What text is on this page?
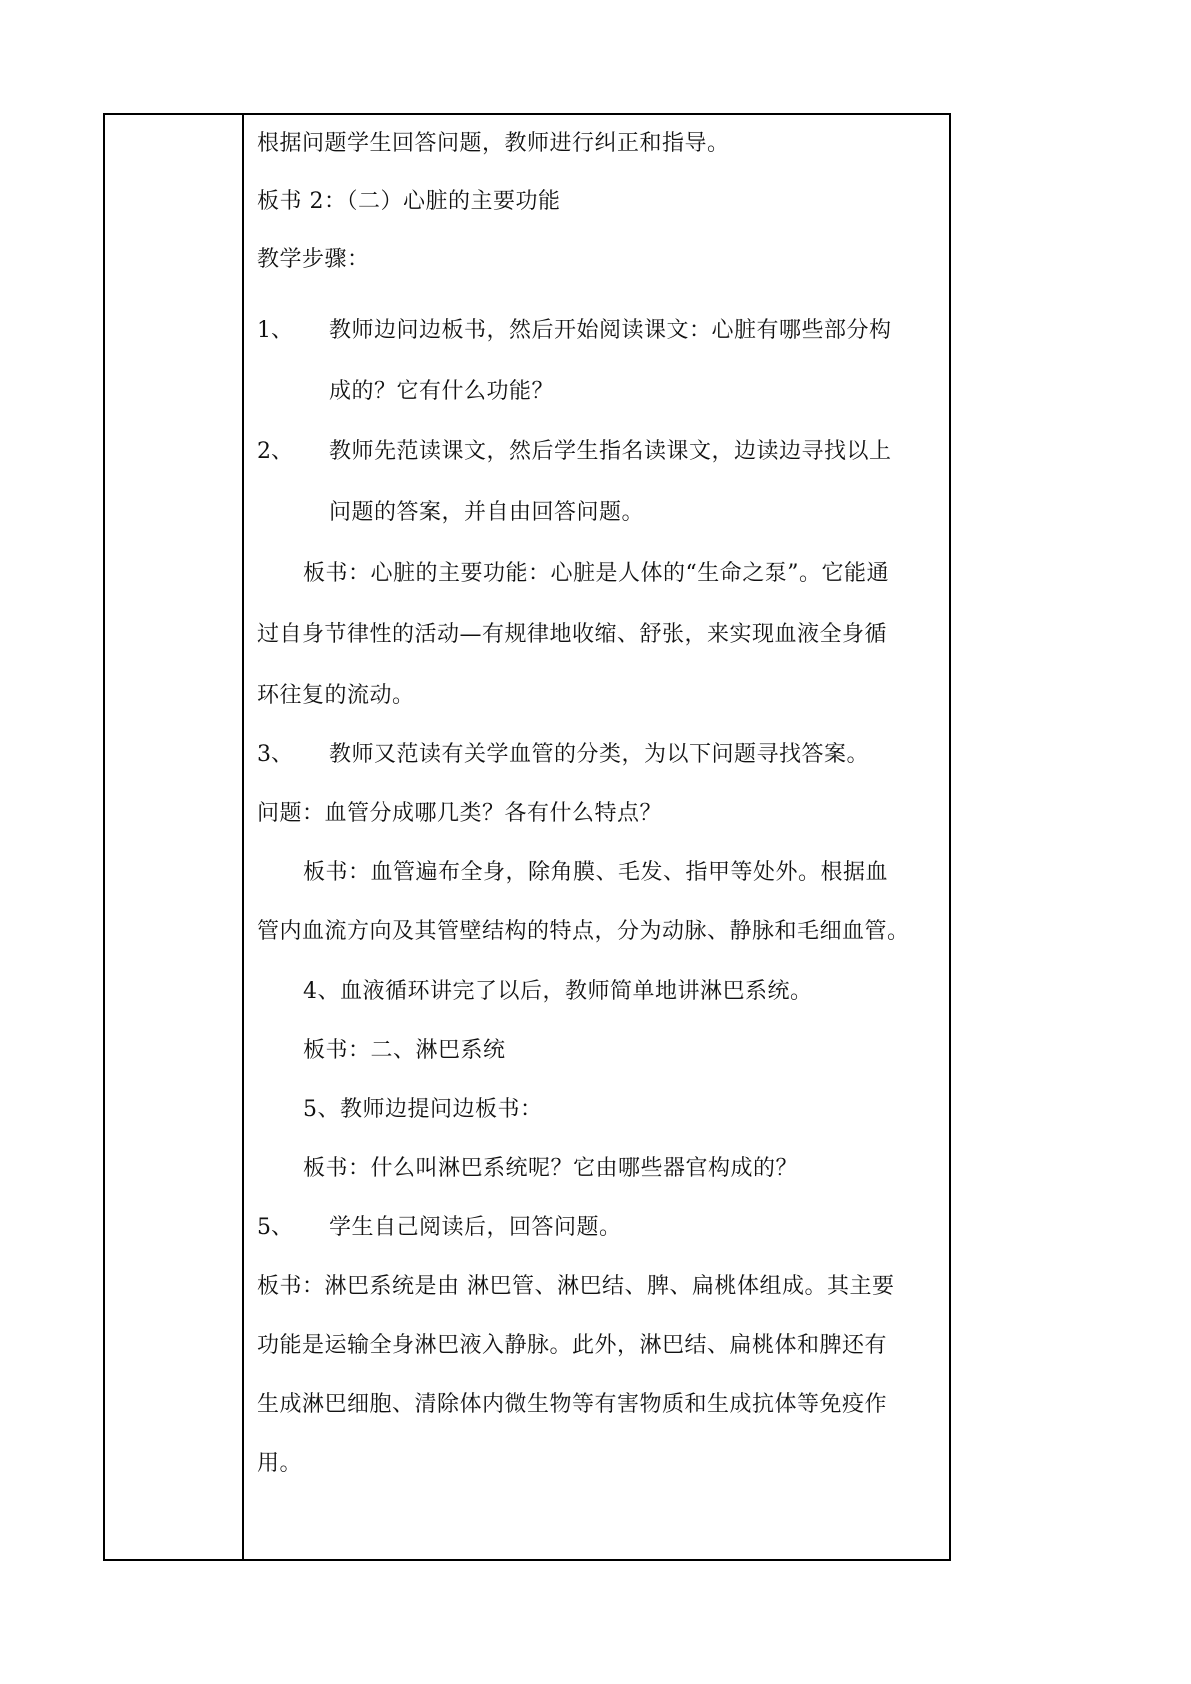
根据问题学生回答问题，教师进行纠正和指导。
板书 2：（二）心脏的主要功能
教学步骤：
1、 教师边问边板书，然后开始阅读课文：心脏有哪些部分构
成的？它有什么功能？
2、 教师先范读课文，然后学生指名读课文，边读边寻找以上
问题的答案，并自由回答问题。
板书：心脏的主要功能：心脏是人体的“生命之泵”。它能通
过自身节律性的活动—有规律地收缩、舒张，来实现血液全身循
环往复的流动。
3、 教师又范读有关学血管的分类，为以下问题寻找答案。
问题：血管分成哪几类？各有什么特点？
板书：血管遍布全身，除角膜、毛发、指甲等处外。根据血
管内血流方向及其管壁结构的特点，分为动脉、静脉和毛细血管。
4、血液循环讲完了以后，教师简单地讲淋巴系统。
板书：二、淋巴系统
5、教师边提问边板书：
板书：什么叫淋巴系统呢？它由哪些器官构成的？
5、 学生自己阅读后，回答问题。
板书：淋巴系统是由 淋巴管、淋巴结、脾、扁桃体组成。其主要
功能是运输全身淋巴液入静脉。此外，淋巴结、扁桃体和脾还有
生成淋巴细胞、清除体内微生物等有害物质和生成抗体等免疫作
用。
